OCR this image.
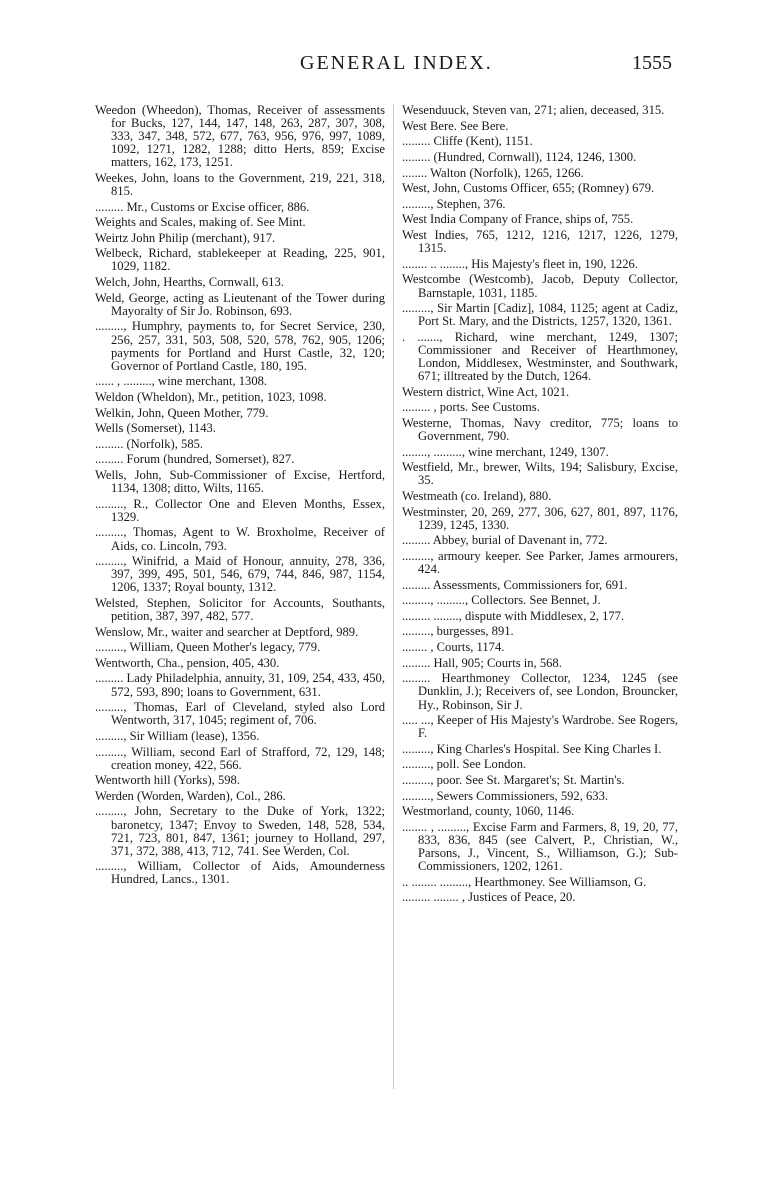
GENERAL INDEX.	1555
Weedon (Wheedon), Thomas, Receiver of assessments for Bucks, 127, 144, 147, 148, 263, 287, 307, 308, 333, 347, 348, 572, 677, 763, 956, 976, 997, 1089, 1092, 1271, 1282, 1288; ditto Herts, 859; Excise matters, 162, 173, 1251.
Weekes, John, loans to the Government, 219, 221, 318, 815.
......... Mr., Customs or Excise officer, 886.
Weights and Scales, making of. See Mint.
Weirtz John Philip (merchant), 917.
Welbeck, Richard, stablekeeper at Reading, 225, 901, 1029, 1182.
Welch, John, Hearths, Cornwall, 613.
Weld, George, acting as Lieutenant of the Tower during Mayoralty of Sir Jo. Robinson, 693.
........., Humphry, payments to, for Secret Service, 230, 256, 257, 331, 503, 508, 520, 578, 762, 905, 1206; payments for Portland and Hurst Castle, 32, 120; Governor of Portland Castle, 180, 195.
...... , ........., wine merchant, 1308.
Weldon (Wheldon), Mr., petition, 1023, 1098.
Welkin, John, Queen Mother, 779.
Wells (Somerset), 1143.
......... (Norfolk), 585.
......... Forum (hundred, Somerset), 827.
Wells, John, Sub-Commissioner of Excise, Hertford, 1134, 1308; ditto, Wilts, 1165.
........., R., Collector One and Eleven Months, Essex, 1329.
........., Thomas, Agent to W. Broxholme, Receiver of Aids, co. Lincoln, 793.
........., Winifrid, a Maid of Honour, annuity, 278, 336, 397, 399, 495, 501, 546, 679, 744, 846, 987, 1154, 1206, 1337; Royal bounty, 1312.
Welsted, Stephen, Solicitor for Accounts, Southants, petition, 387, 397, 482, 577.
Wenslow, Mr., waiter and searcher at Deptford, 989.
........., William, Queen Mother's legacy, 779.
Wentworth, Cha., pension, 405, 430.
......... Lady Philadelphia, annuity, 31, 109, 254, 433, 450, 572, 593, 890; loans to Government, 631.
........., Thomas, Earl of Cleveland, styled also Lord Wentworth, 317, 1045; regiment of, 706.
........., Sir William (lease), 1356.
........., William, second Earl of Strafford, 72, 129, 148; creation money, 422, 566.
Wentworth hill (Yorks), 598.
Werden (Worden, Warden), Col., 286.
........., John, Secretary to the Duke of York, 1322; baronetcy, 1347; Envoy to Sweden, 148, 528, 534, 721, 723, 801, 847, 1361; journey to Holland, 297, 371, 372, 388, 413, 712, 741. See Werden, Col.
........., William, Collector of Aids, Amounderness Hundred, Lancs., 1301.
Wesenduuck, Steven van, 271; alien, deceased, 315.
West Bere. See Bere.
......... Cliffe (Kent), 1151.
......... (Hundred, Cornwall), 1124, 1246, 1300.
........ Walton (Norfolk), 1265, 1266.
West, John, Customs Officer, 655; (Romney) 679.
........., Stephen, 376.
West India Company of France, ships of, 755.
West Indies, 765, 1212, 1216, 1217, 1226, 1279, 1315.
........ .. ........, His Majesty's fleet in, 190, 1226.
Westcombe (Westcomb), Jacob, Deputy Collector, Barnstaple, 1031, 1185.
........., Sir Martin [Cadiz], 1084, 1125; agent at Cadiz, Port St. Mary, and the Districts, 1257, 1320, 1361.
. ......., Richard, wine merchant, 1249, 1307; Commissioner and Receiver of Hearthmoney, London, Middlesex, Westminster, and Southwark, 671; illtreated by the Dutch, 1264.
Western district, Wine Act, 1021.
......... , ports. See Customs.
Westerne, Thomas, Navy creditor, 775; loans to Government, 790.
........, ........., wine merchant, 1249, 1307.
Westfield, Mr., brewer, Wilts, 194; Salisbury, Excise, 35.
Westmeath (co. Ireland), 880.
Westminster, 20, 269, 277, 306, 627, 801, 897, 1176, 1239, 1245, 1330.
......... Abbey, burial of Davenant in, 772.
........., armoury keeper. See Parker, James armourers, 424.
......... Assessments, Commissioners for, 691.
........., ........., Collectors. See Bennet, J.
......... ........, dispute with Middlesex, 2, 177.
........., burgesses, 891.
........ , Courts, 1174.
......... Hall, 905; Courts in, 568.
......... Hearthmoney Collector, 1234, 1245 (see Dunklin, J.); Receivers of, see London, Brouncker, Hy., Robinson, Sir J.
..... ..., Keeper of His Majesty's Wardrobe. See Rogers, F.
........., King Charles's Hospital. See King Charles I.
........., poll. See London.
........., poor. See St. Margaret's; St. Martin's.
........., Sewers Commissioners, 592, 633.
Westmorland, county, 1060, 1146.
........ , ........., Excise Farm and Farmers, 8, 19, 20, 77, 833, 836, 845 (see Calvert, P., Christian, W., Parsons, J., Vincent, S., Williamson, G.); Sub-Commissioners, 1202, 1261.
.. ........ ........., Hearthmoney. See Williamson, G.
......... ........ , Justices of Peace, 20.
